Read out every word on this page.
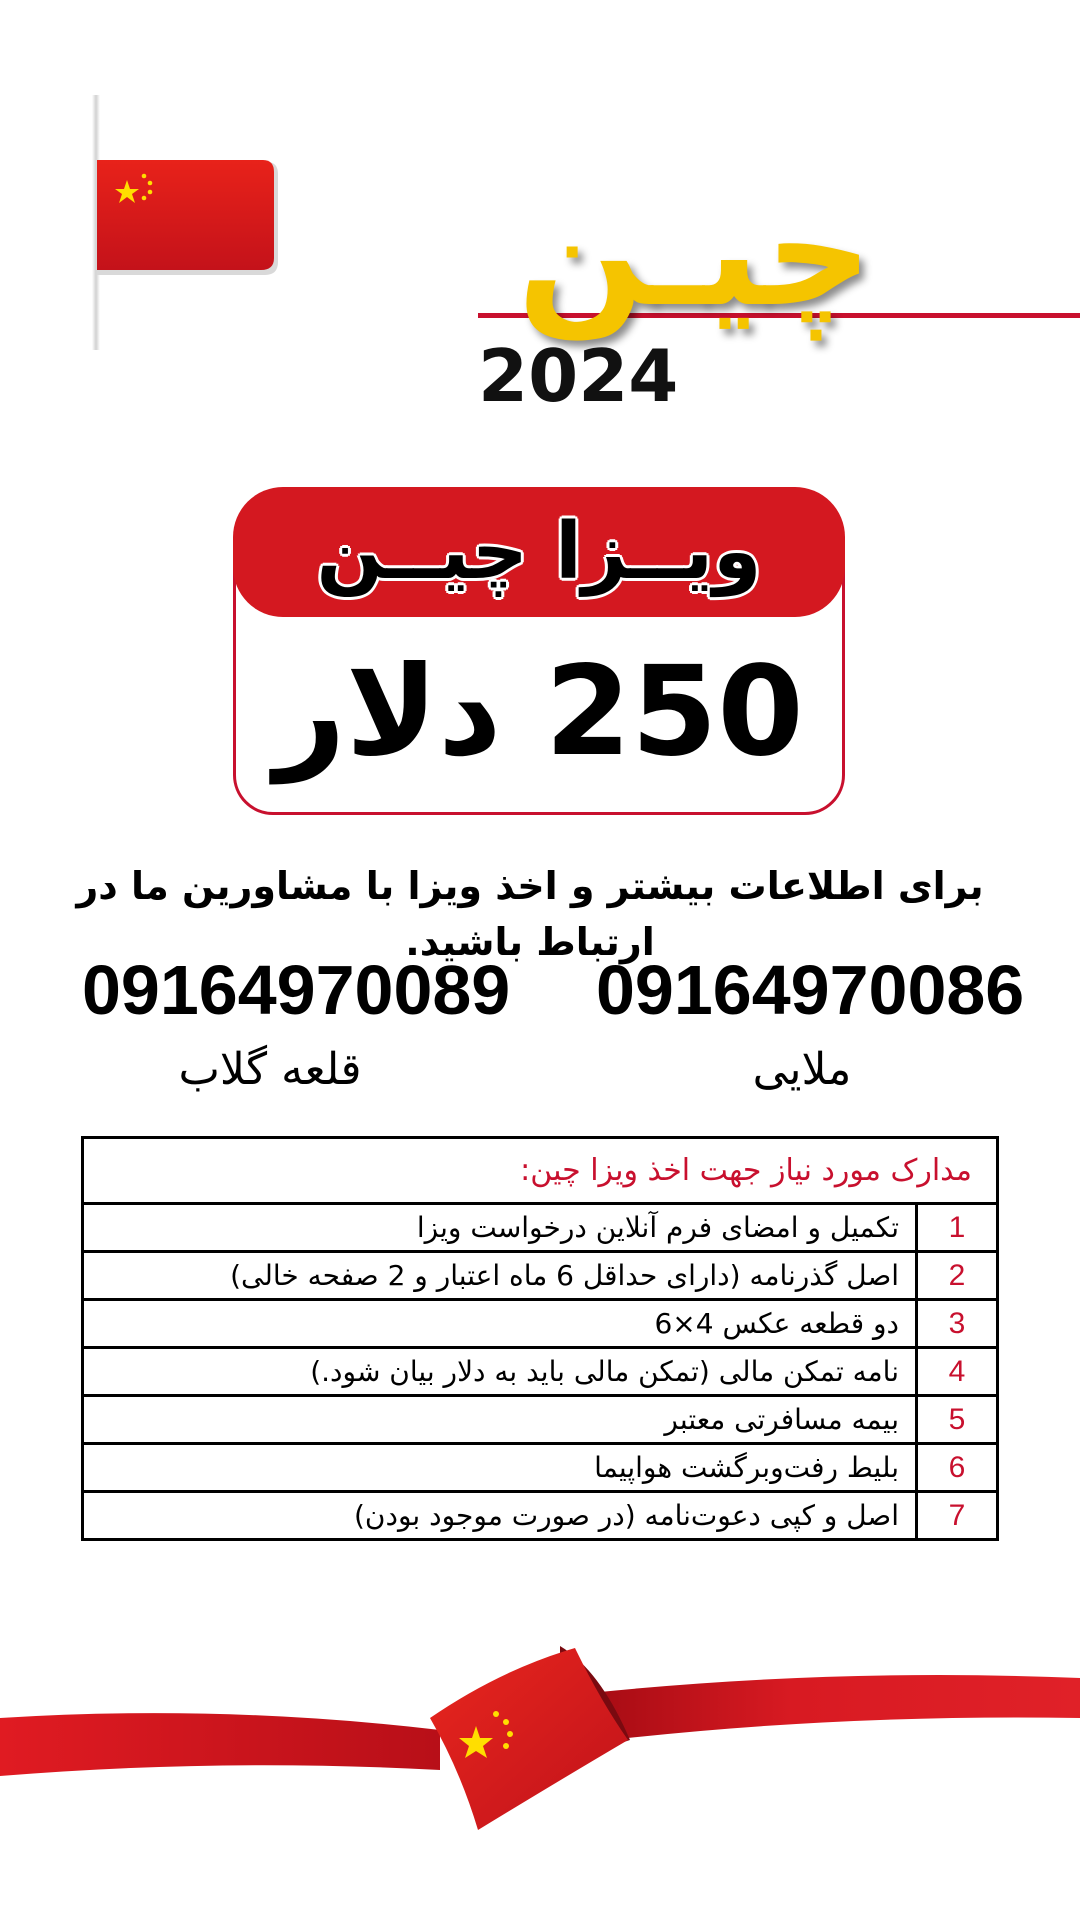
چیـن
2024
ویــزا چیــن
250 دلار
برای اطلاعات بیشتر و اخذ ویزا با مشاورین ما در ارتباط باشید.
09164970086
09164970089
ملایی
قلعه گلاب
مدارک مورد نیاز جهت اخذ ویزا چین:	
تکمیل و امضای فرم آنلاین درخواست ویزا	1
اصل گذرنامه (دارای حداقل 6 ماه اعتبار و 2 صفحه خالی)	2
دو قطعه عکس 4×6	3
نامه تمکن مالی (تمکن مالی باید به دلار بیان شود.)	4
بیمه مسافرتی معتبر	5
بلیط رفت‌وبرگشت هواپیما	6
اصل و کپی دعوت‌نامه (در صورت موجود بودن)	7
